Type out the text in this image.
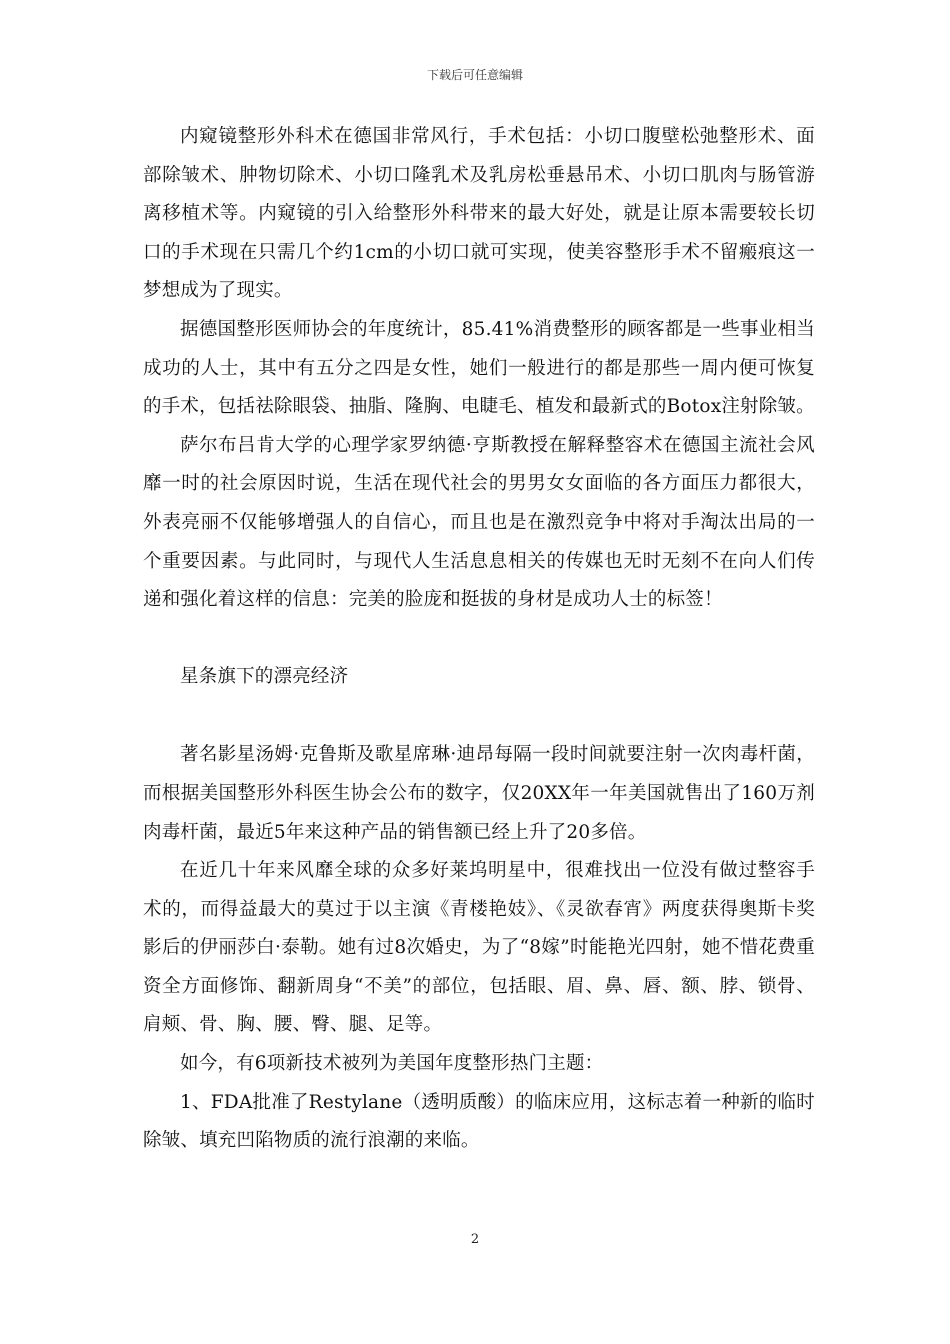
下载后可任意编辑

内窥镜整形外科术在德国非常风行，手术包括：小切口腹壁松弛整形术、面部除皱术、肿物切除术、小切口隆乳术及乳房松垂悬吊术、小切口肌肉与肠管游离移植术等。内窥镜的引入给整形外科带来的最大好处，就是让原本需要较长切口的手术现在只需几个约1cm的小切口就可实现，使美容整形手术不留瘢痕这一梦想成为了现实。

据德国整形医师协会的年度统计，85.41%消费整形的顾客都是一些事业相当成功的人士，其中有五分之四是女性，她们一般进行的都是那些一周内便可恢复的手术，包括祛除眼袋、抽脂、隆胸、电睫毛、植发和最新式的Botox注射除皱。

萨尔布吕肯大学的心理学家罗纳德·亨斯教授在解释整容术在德国主流社会风靡一时的社会原因时说，生活在现代社会的男男女女面临的各方面压力都很大，外表亮丽不仅能够增强人的自信心，而且也是在激烈竞争中将对手淘汰出局的一个重要因素。与此同时，与现代人生活息息相关的传媒也无时无刻不在向人们传递和强化着这样的信息：完美的脸庞和挺拔的身材是成功人士的标签！

星条旗下的漂亮经济

著名影星汤姆·克鲁斯及歌星席琳·迪昂每隔一段时间就要注射一次肉毒杆菌，而根据美国整形外科医生协会公布的数字，仅20XX年一年美国就售出了160万剂肉毒杆菌，最近5年来这种产品的销售额已经上升了20多倍。

在近几十年来风靡全球的众多好莱坞明星中，很难找出一位没有做过整容手术的，而得益最大的莫过于以主演《青楼艳妓》、《灵欲春宵》两度获得奥斯卡奖影后的伊丽莎白·泰勒。她有过8次婚史，为了“8嫁”时能艳光四射，她不惜花费重资全方面修饰、翻新周身“不美”的部位，包括眼、眉、鼻、唇、额、脖、锁骨、肩颊、骨、胸、腰、臀、腿、足等。

如今，有6项新技术被列为美国年度整形热门主题：

1、FDA批准了Restylane（透明质酸）的临床应用，这标志着一种新的临时除皱、填充凹陷物质的流行浪潮的来临。

2
